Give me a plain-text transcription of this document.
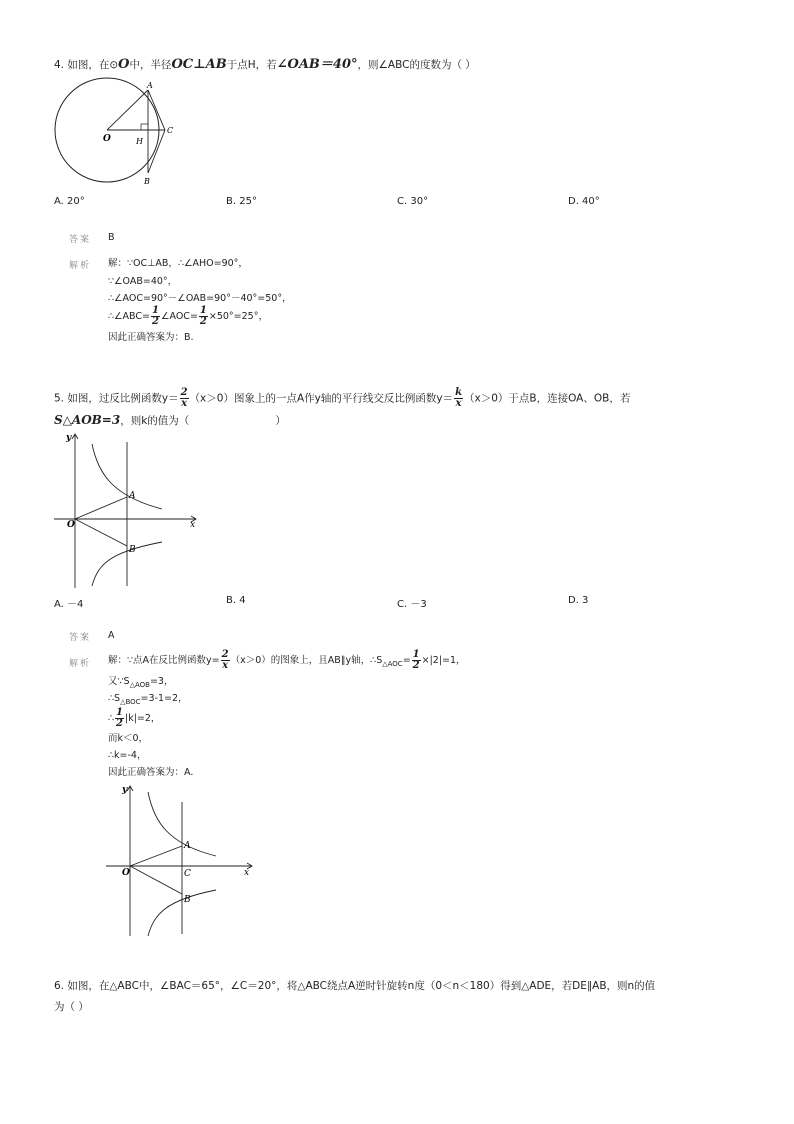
4. 如图，在⊙O中，半径OC⊥AB于点H，若∠OAB＝40°，则∠ABC的度数为（ ）
A
O	H
C
B
A. 20°	B. 25°	C. 30°	D. 40°
答案 B
解析 解：∵OC⊥AB，∴∠AHO=90°，
∵∠OAB=40°，
∴∠AOC=90°－∠OAB=90°－40°=50°，
∴∠ABC= $\frac{1}{2}$ ∠AOC= $\frac{1}{2} \times 50^\circ=25^\circ$，
因此正确答案为：B.
5. 如图，过反比例函数$y= \frac{2}{x} (x>0)$图象上的一点A作y轴的平行线交反比例函数$y= \frac{k}{x} (x>0)$于点B，连接OA、OB，若
S△AOB=3，则k的值为（	）
y
x
O
A
B
A. －4	B. 4	C. －3	D. 3
答案 A
解析 解：∵点A在反比例函数$y= \frac{2}{x} (x>0)$的图象上，且AB∥y轴，$\therefore S_{\triangle AOC}= \frac{1}{2} \times|2|=1$，
又$\because S_{\triangle AOB}=3$，
$\therefore S_{\triangle BOC}=3-1=2$，
∴ $\frac{1}{2} |k|=2$，
而k＜0，
∴k=-4，
因此正确答案为：A.
y
x
O
A
C
B
6. 如图，在△ABC中，∠BAC＝65°，∠C＝20°，将△ABC绕点A逆时针旋转n度（0＜n＜180）得到△ADE，若DE∥AB，则n的值
为（ ）
